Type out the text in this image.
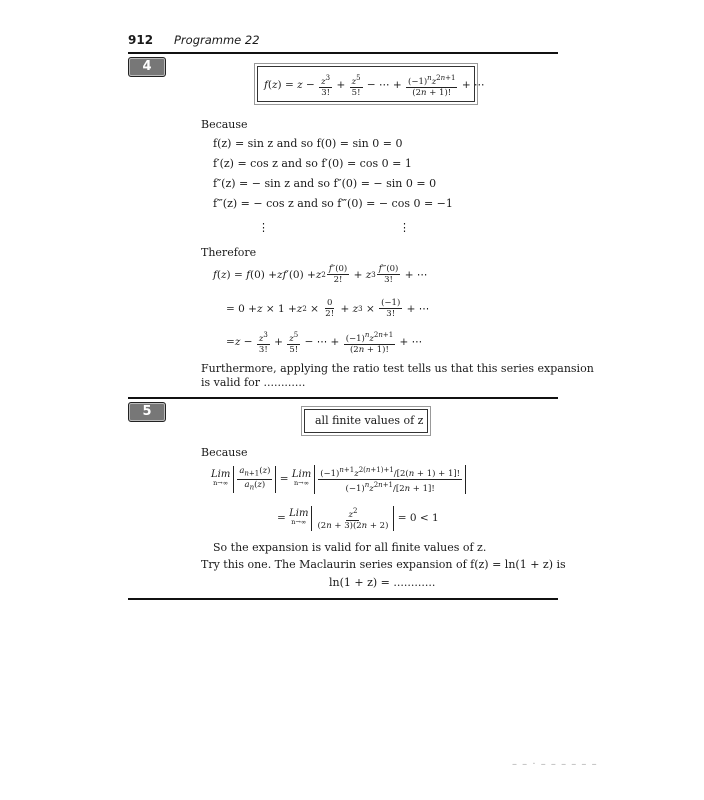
912 Programme 22
4
f ( z ) = $z - \frac{z^3}{3!} + \frac{z^5}{5!}$ − ⋯ + $\frac{(-1)^nz^{2n+1}}{(2n + 1)!}$ + ⋯
Because
f(z) = sin z and so f(0) = sin 0 = 0
f′(z) = cos z and so f′(0) = cos 0 = 1
f″(z) = − sin z and so f″(0) = − sin 0 = 0
f‴(z) = − cos z and so f‴(0) = − cos 0 = −1
⋮	⋮
Therefore
f ( z ) = f (0) + zf ′(0) + z $2 \frac{f''(0)}{2!} + z$ $3 \frac{f‴(0)}{3!}$ + ⋯
= 0 + z × 1 + z $2 \times \frac{0}{2!} + z$ $3 \times \frac{(-1)}{3!}$ + ⋯
= $z - \frac{z^3}{3!} + \frac{z^5}{5!}$ − ⋯ + $\frac{(-1)^nz^{2n+1}}{(2n + 1)!}$ + ⋯
Furthermore, applying the ratio test tells us that this series expansion
is valid for ............
5
all finite values of z
Because
Lim
$n\to\infty \frac{a_{n+1}(z)}{a_n(z)}$ = Lim
$n\to\infty \frac{(-1)^{n+1}z^{2(n+1)+1}/[2(n + 1) + 1]!}{(-1)^nz^{2n+1}/[2n + 1]!}$
= Lim
$n\to\infty \frac{z^2}{(2n + 3)(2n + 2)} = 0 < 1$
So the expansion is valid for all finite values of z.
Try this one. The Maclaurin series expansion of f(z) = ln(1 + z) is
ln(1 + z) = ............
– – · – – – – – –
